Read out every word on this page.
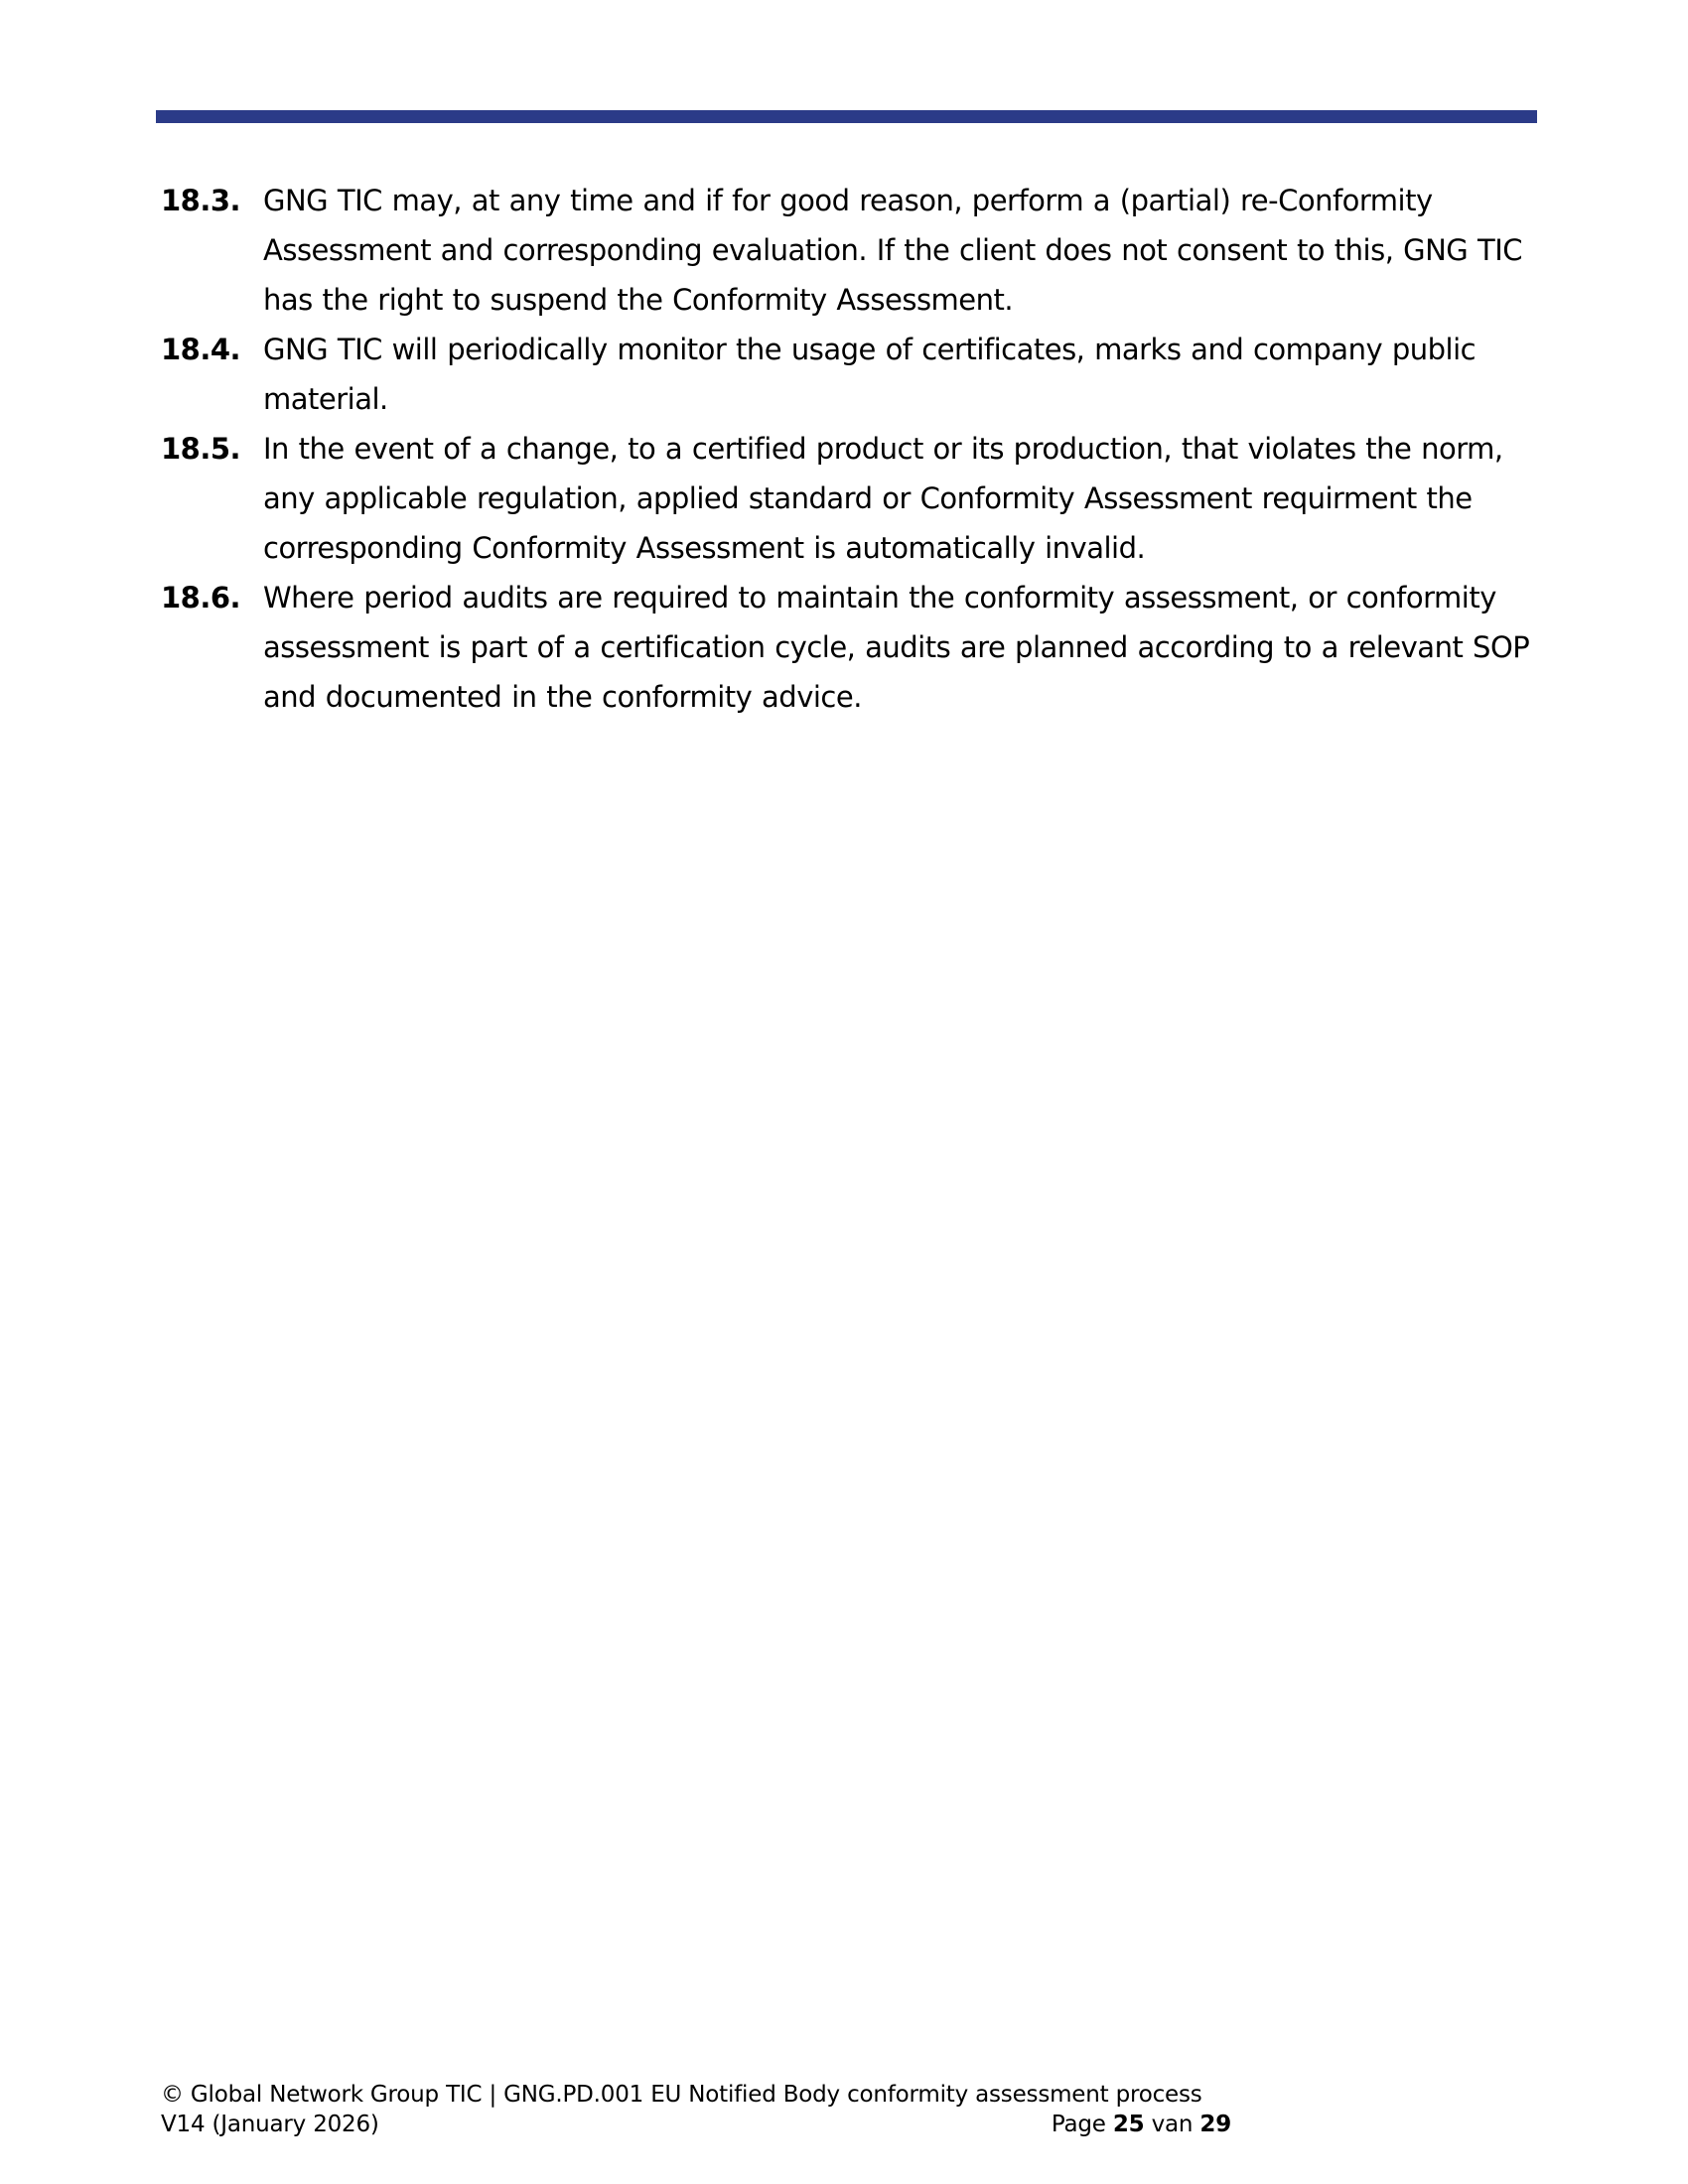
18.3. GNG TIC may, at any time and if for good reason, perform a (partial) re-Conformity
Assessment and corresponding evaluation. If the client does not consent to this, GNG TIC
has the right to suspend the Conformity Assessment.
18.4. GNG TIC will periodically monitor the usage of certificates, marks and company public
material.
18.5. In the event of a change, to a certified product or its production, that violates the norm,
any applicable regulation, applied standard or Conformity Assessment requirment the
corresponding Conformity Assessment is automatically invalid.
18.6. Where period audits are required to maintain the conformity assessment, or conformity
assessment is part of a certification cycle, audits are planned according to a relevant SOP
and documented in the conformity advice.
© Global Network Group TIC | GNG.PD.001 EU Notified Body conformity assessment process
V14 (January 2026)	Page 25 van 29
